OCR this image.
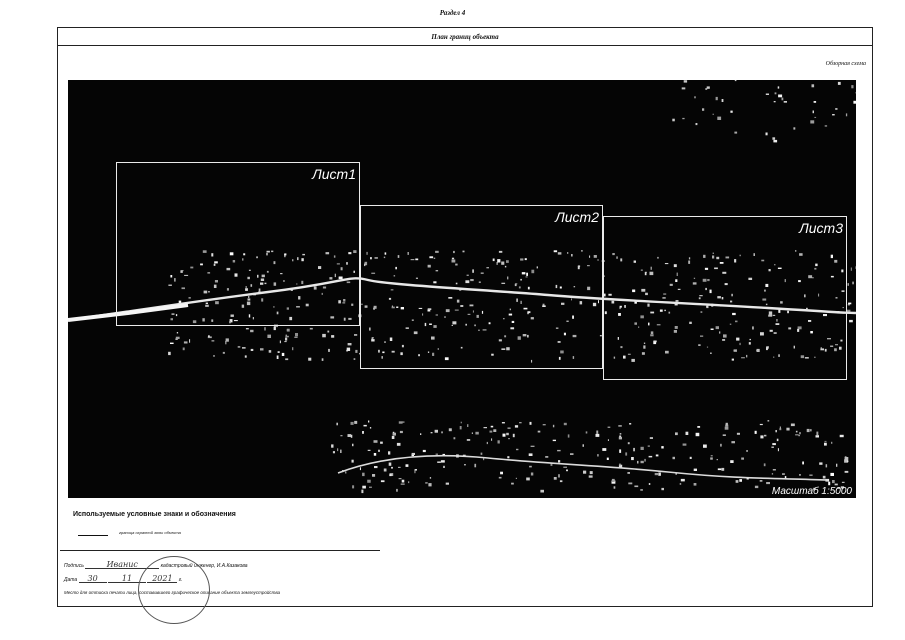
Раздел 4
План границ объекта
Обзорная схема
Лист1
Лист2
Лист3
Масштаб 1:5000
Используемые условные знаки и обозначения
граница охранной зоны объекта
Подпись	Иванис	кадастровый инженер, И.А.Казакова
Дата 30	11	2021 г.
Место для оттиска печати лица, составившего графическое описание объекта землеустройства
